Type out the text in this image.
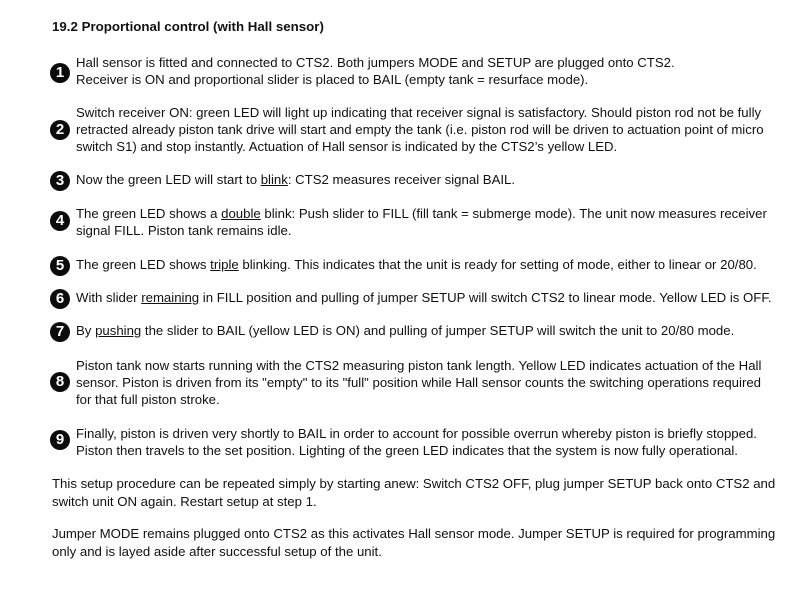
19.2 Proportional control (with Hall sensor)
1
Hall sensor is fitted and connected to CTS2. Both jumpers MODE and SETUP are plugged onto CTS2.
Receiver is ON and proportional slider is placed to BAIL (empty tank = resurface mode).
2
Switch receiver ON: green LED will light up indicating that receiver signal is satisfactory. Should piston rod not be fully
retracted already piston tank drive will start and empty the tank (i.e. piston rod will be driven to actuation point of micro
switch S1) and stop instantly. Actuation of Hall sensor is indicated by the CTS2’s yellow LED.
3 Now the green LED will start to blink: CTS2 measures receiver signal BAIL.
4 The green LED shows a double blink: Push slider to FILL (fill tank = submerge mode). The unit now measures receiver
signal FILL. Piston tank remains idle.
5 The green LED shows triple blinking. This indicates that the unit is ready for setting of mode, either to linear or 20/80.
6 With slider remaining in FILL position and pulling of jumper SETUP will switch CTS2 to linear mode. Yellow LED is OFF.
7 By pushing the slider to BAIL (yellow LED is ON) and pulling of jumper SETUP will switch the unit to 20/80 mode.
8
Piston tank now starts running with the CTS2 measuring piston tank length. Yellow LED indicates actuation of the Hall
sensor. Piston is driven from its "empty" to its "full" position while Hall sensor counts the switching operations required
for that full piston stroke.
9 Finally, piston is driven very shortly to BAIL in order to account for possible overrun whereby piston is briefly stopped.
Piston then travels to the set position. Lighting of the green LED indicates that the system is now fully operational.
This setup procedure can be repeated simply by starting anew: Switch CTS2 OFF, plug jumper SETUP back onto CTS2 and
switch unit ON again. Restart setup at step 1.
Jumper MODE remains plugged onto CTS2 as this activates Hall sensor mode. Jumper SETUP is required for programming
only and is layed aside after successful setup of the unit.
